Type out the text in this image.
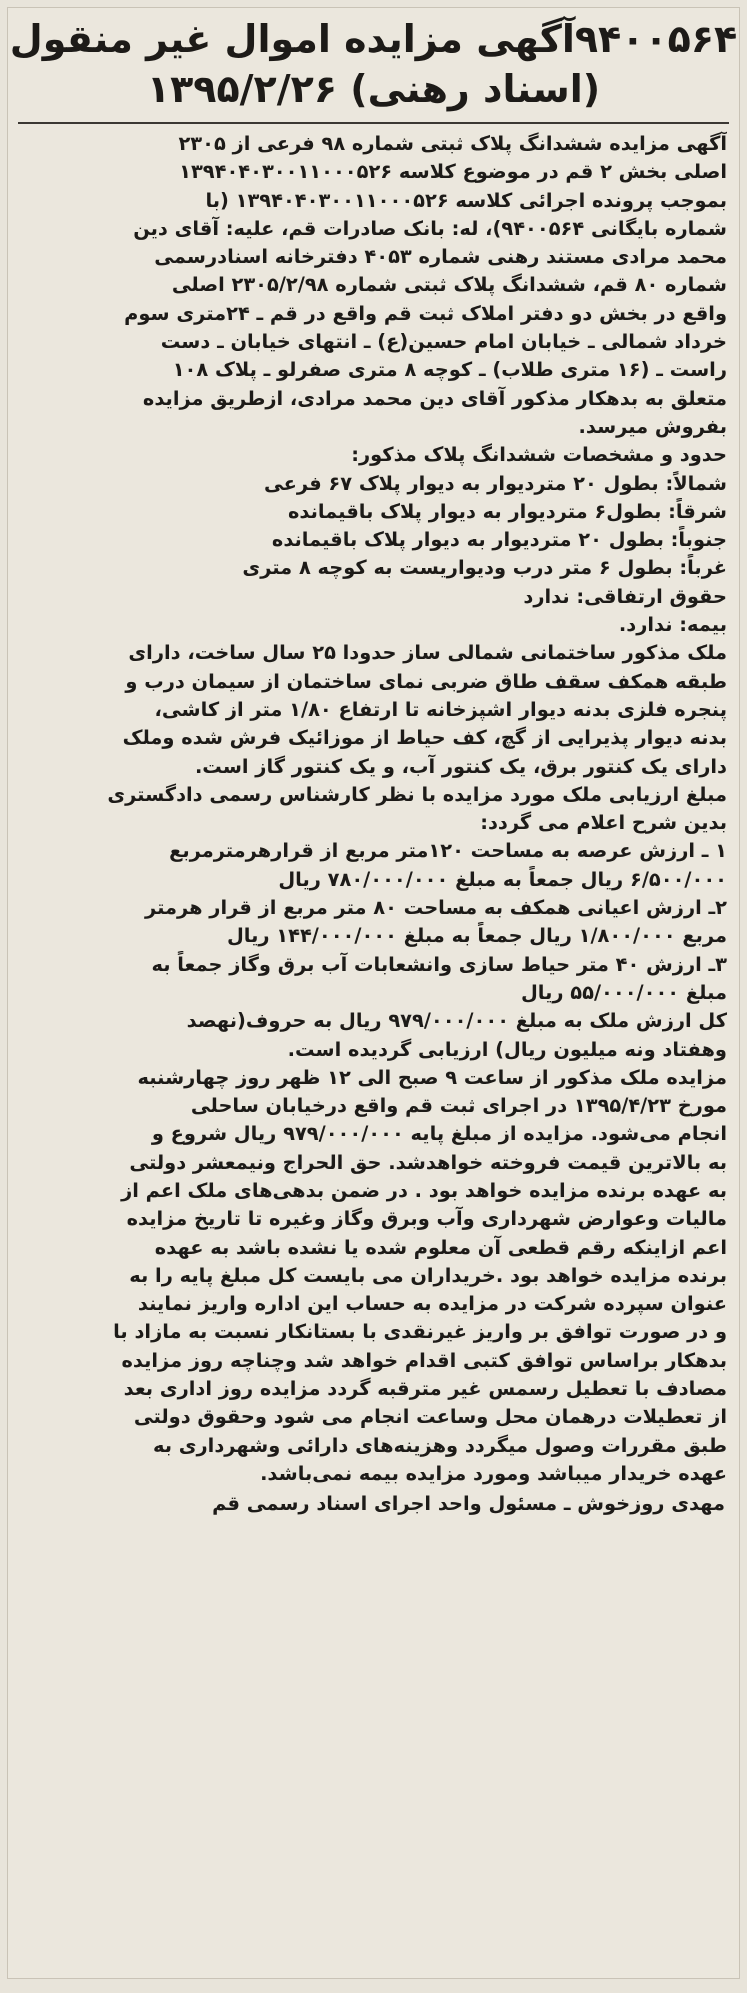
۹۴۰۰۵۶۴آگهی مزایده اموال غیر منقول
(اسناد رهنی) ۱۳۹۵/۲/۲۶
آگهی مزایده ششدانگ پلاک ثبتی شماره ۹۸ فرعی از ۲۳۰۵
اصلی بخش ۲ قم در موضوع کلاسه ۱۳۹۴۰۴۰۳۰۰۱۱۰۰۰۵۲۶
بموجب پرونده اجرائی کلاسه ۱۳۹۴۰۴۰۳۰۰۱۱۰۰۰۵۲۶ (با
شماره بایگانی ۹۴۰۰۵۶۴)، له: بانک صادرات قم، علیه: آقای دین
محمد مرادی مستند رهنی شماره ۴۰۵۳ دفترخانه اسنادرسمی
شماره ۸۰ قم، ششدانگ پلاک ثبتی شماره ۲۳۰۵/۲/۹۸ اصلی
واقع در بخش دو دفتر املاک ثبت قم واقع در قم ـ ۲۴متری سوم
خرداد شمالی ـ خیابان امام حسین(ع) ـ انتهای خیابان ـ دست
راست ـ (۱۶ متری طلاب) ـ کوچه ۸ متری صفرلو ـ پلاک ۱۰۸
متعلق به بدهکار مذکور آقای دین محمد مرادی، ازطریق مزایده
بفروش میرسد.
حدود و مشخصات ششدانگ پلاک مذکور:
شمالاً: بطول ۲۰ متردیوار به دیوار پلاک ۶۷ فرعی
شرقاً: بطول۶ متردیوار به دیوار پلاک باقیمانده
جنوباً: بطول ۲۰ متردیوار به دیوار پلاک باقیمانده
غرباً: بطول ۶ متر درب ودیواریست به کوچه ۸ متری
حقوق ارتفاقی: ندارد
بیمه: ندارد.
ملک مذکور ساختمانی شمالی ساز حدودا ۲۵ سال ساخت، دارای
طبقه همکف سقف طاق ضربی نمای ساختمان از سیمان درب و
پنجره فلزی بدنه دیوار اشپزخانه تا ارتفاع ۱/۸۰ متر از کاشی،
بدنه دیوار پذیرایی از گچ، کف حیاط از موزائیک فرش شده وملک
دارای یک کنتور برق، یک کنتور آب، و یک کنتور گاز است.
مبلغ ارزیابی ملک مورد مزایده با نظر کارشناس رسمی دادگستری
بدین شرح اعلام می گردد:
۱ ـ ارزش عرصه به مساحت ۱۲۰متر مربع از قرارهرمترمربع
۶/۵۰۰/۰۰۰ ریال جمعاً به مبلغ ۷۸۰/۰۰۰/۰۰۰ ریال
۲ـ ارزش اعیانی همکف به مساحت ۸۰ متر مربع از قرار هرمتر
مربع ۱/۸۰۰/۰۰۰ ریال جمعاً به مبلغ ۱۴۴/۰۰۰/۰۰۰ ریال
۳ـ ارزش ۴۰ متر حیاط سازی وانشعابات آب برق وگاز جمعاً به
مبلغ ۵۵/۰۰۰/۰۰۰ ریال
کل ارزش ملک به مبلغ ۹۷۹/۰۰۰/۰۰۰ ریال به حروف(نهصد
وهفتاد ونه میلیون ریال) ارزیابی گردیده است.
مزایده ملک مذکور از ساعت ۹ صبح الی ۱۲ ظهر روز چهارشنبه
مورخ ۱۳۹۵/۴/۲۳ در اجرای ثبت قم واقع درخیابان ساحلی
انجام می‌شود. مزایده از مبلغ پایه ۹۷۹/۰۰۰/۰۰۰ ریال شروع و
به بالاترین قیمت فروخته خواهدشد. حق الحراج ونیمعشر دولتی
به عهده برنده مزایده خواهد بود . در ضمن بدهی‌های ملک اعم از
مالیات وعوارض شهرداری وآب وبرق وگاز وغیره تا تاریخ مزایده
اعم ازاینکه رقم قطعی آن معلوم شده یا نشده باشد به عهده
برنده مزایده خواهد بود .خریداران می بایست کل مبلغ پایه را به
عنوان سپرده شرکت در مزایده به حساب این اداره واریز نمایند
و در صورت توافق بر واریز غیرنقدی با بستانکار نسبت به مازاد با
بدهکار براساس توافق کتبی اقدام خواهد شد وچناچه روز مزایده
مصادف با تعطیل رسمس غیر مترقبه گردد مزایده روز اداری بعد
از تعطیلات درهمان محل وساعت انجام می شود وحقوق دولتی
طبق مقررات وصول میگردد وهزینه‌های دارائی وشهرداری به
عهده خریدار میباشد ومورد مزایده بیمه نمی‌باشد.
مهدی روزخوش ـ مسئول واحد اجرای اسناد رسمی قم
